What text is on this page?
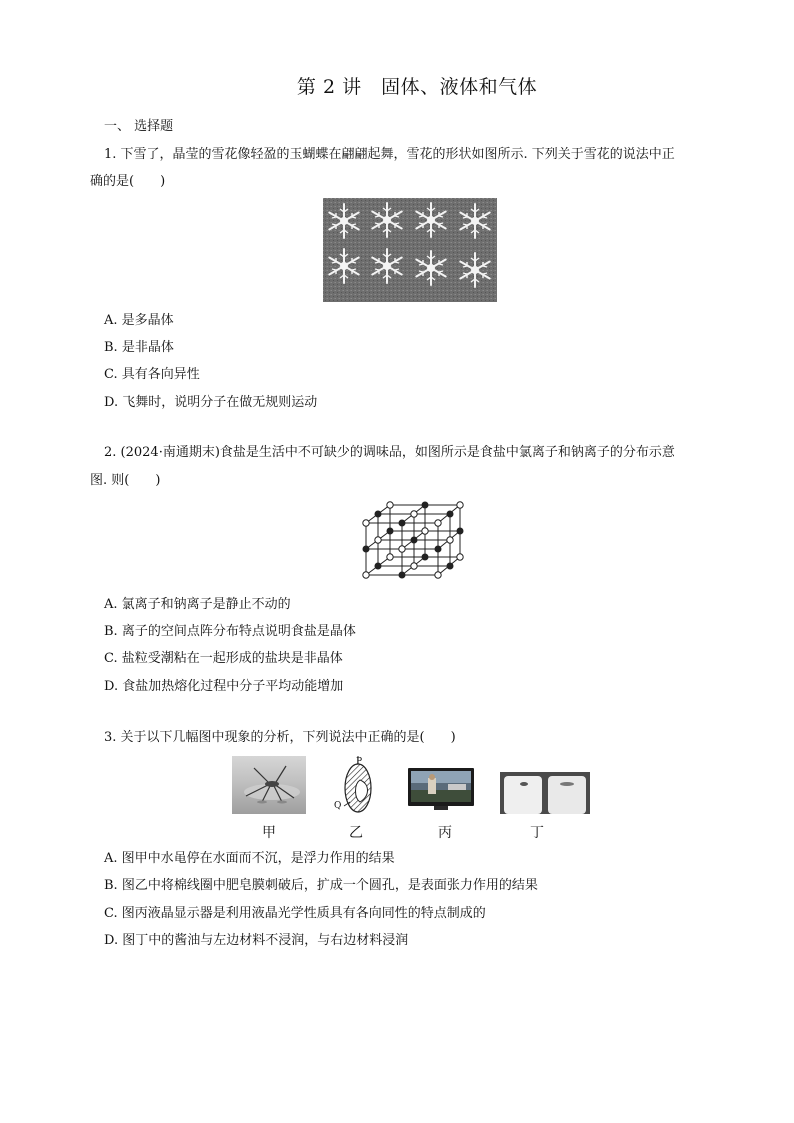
第 2 讲　固体、液体和气体
一、 选择题
1. 下雪了，晶莹的雪花像轻盈的玉蝴蝶在翩翩起舞，雪花的形状如图所示. 下列关于雪花的说法中正
确的是(　　)
A. 是多晶体
B. 是非晶体
C. 具有各向异性
D. 飞舞时，说明分子在做无规则运动
2. (2024·南通期末)食盐是生活中不可缺少的调味品，如图所示是食盐中氯离子和钠离子的分布示意
图. 则(　　)
A. 氯离子和钠离子是静止不动的
B. 离子的空间点阵分布特点说明食盐是晶体
C. 盐粒受潮粘在一起形成的盐块是非晶体
D. 食盐加热熔化过程中分子平均动能增加
3. 关于以下几幅图中现象的分析，下列说法中正确的是(　　)
P
Q
甲	乙	丙	丁
A. 图甲中水黾停在水面而不沉，是浮力作用的结果
B. 图乙中将棉线圈中肥皂膜刺破后，扩成一个圆孔，是表面张力作用的结果
C. 图丙液晶显示器是利用液晶光学性质具有各向同性的特点制成的
D. 图丁中的酱油与左边材料不浸润，与右边材料浸润
